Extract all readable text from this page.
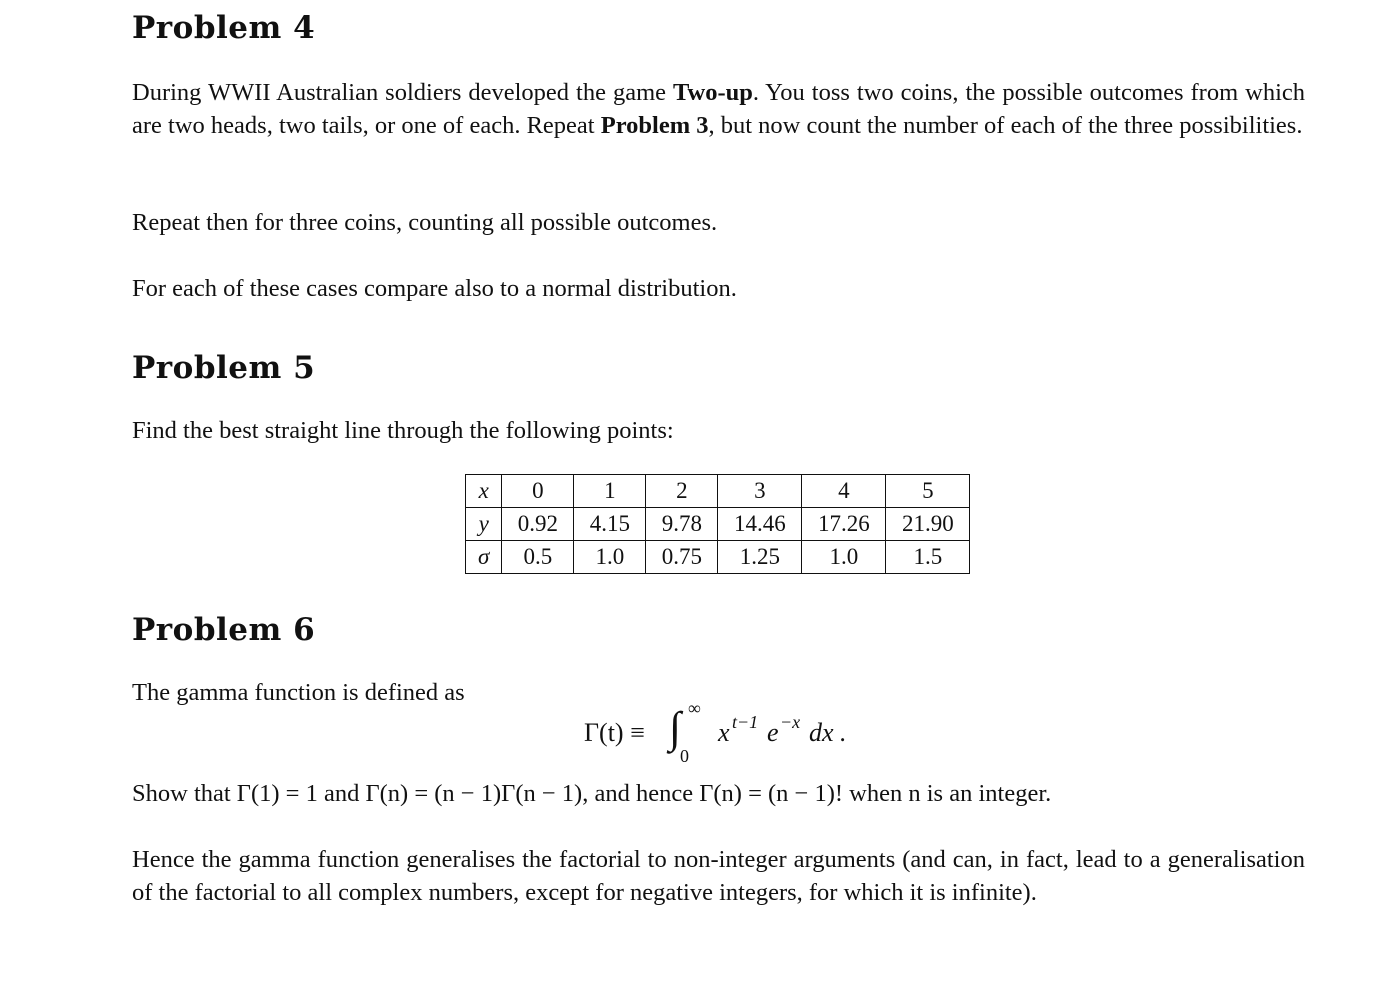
Problem 4

During WWII Australian soldiers developed the game Two-up. You toss two coins, the possible outcomes from which are two heads, two tails, or one of each. Repeat Problem 3, but now count the number of each of the three possibilities.

Repeat then for three coins, counting all possible outcomes.

For each of these cases compare also to a normal distribution.

Problem 5

Find the best straight line through the following points:

x	0	1	2	3	4	5
y	0.92	4.15	9.78	14.46	17.26	21.90
σ	0.5	1.0	0.75	1.25	1.0	1.5
Problem 6

The gamma function is defined as

Γ(t) ≡ ∫ ∞
0
x t−1 e −x dx .

Show that Γ(1) = 1 and Γ(n) = (n − 1)Γ(n − 1), and hence Γ(n) = (n − 1)! when n is an integer.

Hence the gamma function generalises the factorial to non-integer arguments (and can, in fact, lead to a generalisation of the factorial to all complex numbers, except for negative integers, for which it is infinite).
